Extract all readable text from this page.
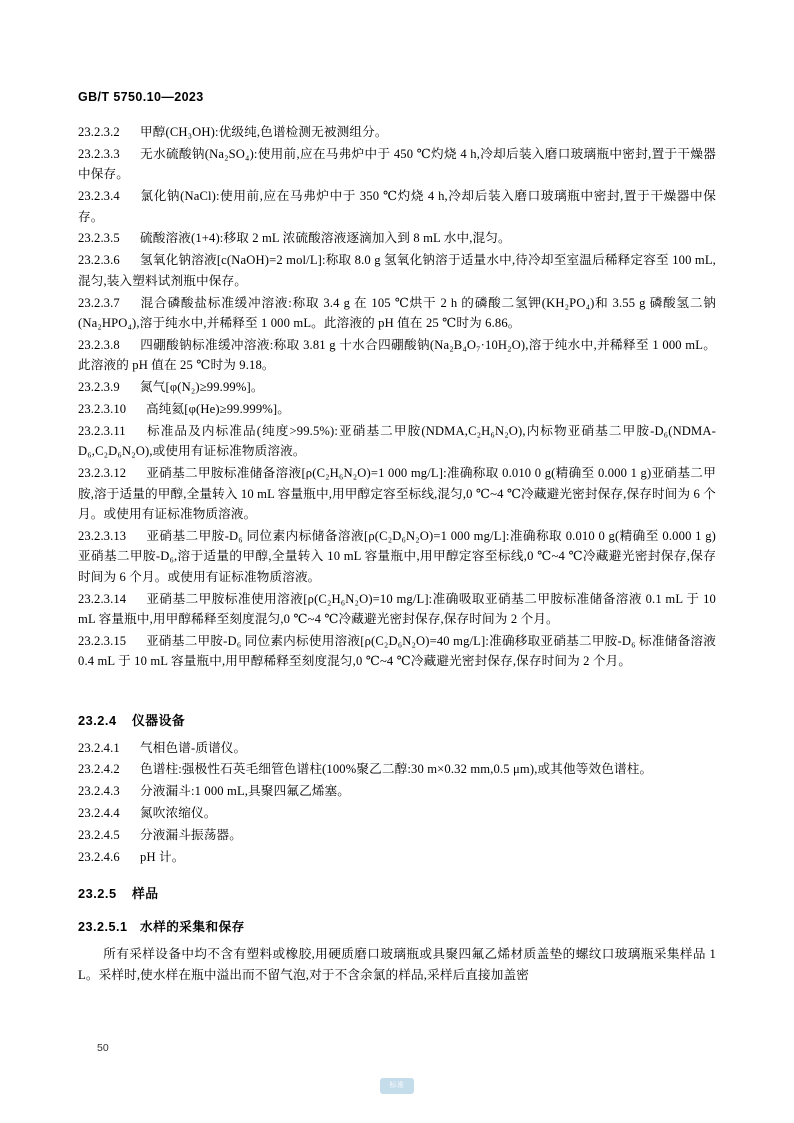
GB/T 5750.10—2023

23.2.3.2 甲醇(CH₃OH):优级纯,色谱检测无被测组分。

23.2.3.3 无水硫酸钠(Na₂SO₄):使用前,应在马弗炉中于 450 ℃灼烧 4 h,冷却后装入磨口玻璃瓶中密封,置于干燥器中保存。

23.2.3.4 氯化钠(NaCl):使用前,应在马弗炉中于 350 ℃灼烧 4 h,冷却后装入磨口玻璃瓶中密封,置于干燥器中保存。

23.2.3.5 硫酸溶液(1+4):移取 2 mL 浓硫酸溶液逐滴加入到 8 mL 水中,混匀。

23.2.3.6 氢氧化钠溶液[c(NaOH)=2 mol/L]:称取 8.0 g 氢氧化钠溶于适量水中,待冷却至室温后稀释定容至 100 mL,混匀,装入塑料试剂瓶中保存。

23.2.3.7 混合磷酸盐标准缓冲溶液:称取 3.4 g 在 105 ℃烘干 2 h 的磷酸二氢钾(KH₂PO₄)和 3.55 g 磷酸氢二钠(Na₂HPO₄),溶于纯水中,并稀释至 1 000 mL。此溶液的 pH 值在 25 ℃时为 6.86。

23.2.3.8 四硼酸钠标准缓冲溶液:称取 3.81 g 十水合四硼酸钠(Na₂B₄O₇·10H₂O),溶于纯水中,并稀释至 1 000 mL。此溶液的 pH 值在 25 ℃时为 9.18。

23.2.3.9 氮气[φ(N₂)≥99.99%]。

23.2.3.10 高纯氦[φ(He)≥99.999%]。

23.2.3.11 标准品及内标准品(纯度>99.5%):亚硝基二甲胺(NDMA,C₂H₆N₂O),内标物亚硝基二甲胺-D₆(NDMA-D₆,C₂D₆N₂O),或使用有证标准物质溶液。

23.2.3.12 亚硝基二甲胺标准储备溶液[ρ(C₂H₆N₂O)=1 000 mg/L]:准确称取 0.010 0 g(精确至 0.000 1 g)亚硝基二甲胺,溶于适量的甲醇,全量转入 10 mL 容量瓶中,用甲醇定容至标线,混匀,0 ℃~4 ℃冷藏避光密封保存,保存时间为 6 个月。或使用有证标准物质溶液。

23.2.3.13 亚硝基二甲胺-D₆ 同位素内标储备溶液[ρ(C₂D₆N₂O)=1 000 mg/L]:准确称取 0.010 0 g(精确至 0.000 1 g)亚硝基二甲胺-D₆,溶于适量的甲醇,全量转入 10 mL 容量瓶中,用甲醇定容至标线,0 ℃~4 ℃冷藏避光密封保存,保存时间为 6 个月。或使用有证标准物质溶液。

23.2.3.14 亚硝基二甲胺标准使用溶液[ρ(C₂H₆N₂O)=10 mg/L]:准确吸取亚硝基二甲胺标准储备溶液 0.1 mL 于 10 mL 容量瓶中,用甲醇稀释至刻度混匀,0 ℃~4 ℃冷藏避光密封保存,保存时间为 2 个月。

23.2.3.15 亚硝基二甲胺-D₆ 同位素内标使用溶液[ρ(C₂D₆N₂O)=40 mg/L]:准确移取亚硝基二甲胺-D₆ 标准储备溶液 0.4 mL 于 10 mL 容量瓶中,用甲醇稀释至刻度混匀,0 ℃~4 ℃冷藏避光密封保存,保存时间为 2 个月。

23.2.4 仪器设备

23.2.4.1 气相色谱-质谱仪。

23.2.4.2 色谱柱:强极性石英毛细管色谱柱(100%聚乙二醇:30 m×0.32 mm,0.5 μm),或其他等效色谱柱。

23.2.4.3 分液漏斗:1 000 mL,具聚四氟乙烯塞。

23.2.4.4 氮吹浓缩仪。

23.2.4.5 分液漏斗振荡器。

23.2.4.6 pH 计。

23.2.5 样品
23.2.5.1 水样的采集和保存

所有采样设备中均不含有塑料或橡胶,用硬质磨口玻璃瓶或具聚四氟乙烯材质盖垫的螺纹口玻璃瓶采集样品 1 L。采样时,使水样在瓶中溢出而不留气泡,对于不含余氯的样品,采样后直接加盖密

50
标准
